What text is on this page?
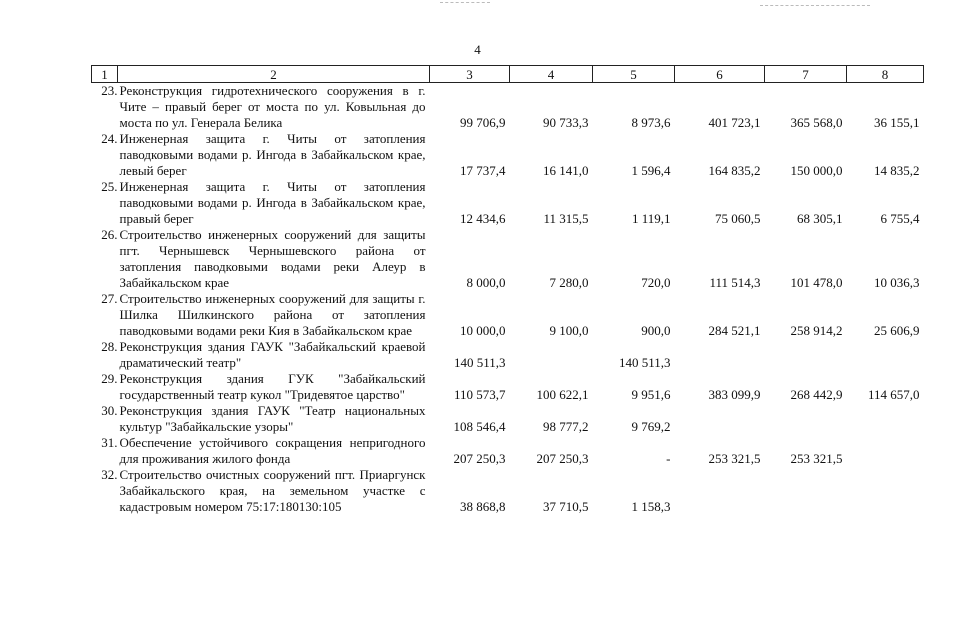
4
1	2	3	4	5	6	7	8
23.	Реконструкция гидротехнического сооружения в г. Чите – правый берег от моста по ул. Ковыльная до моста по ул. Генерала Белика	99 706,9	90 733,3	8 973,6	401 723,1	365 568,0	36 155,1
24.	Инженерная защита г. Читы от затопления паводковыми водами р. Ингода в Забайкальском крае, левый берег	17 737,4	16 141,0	1 596,4	164 835,2	150 000,0	14 835,2
25.	Инженерная защита г. Читы от затопления паводковыми водами р. Ингода в Забайкальском крае, правый берег	12 434,6	11 315,5	1 119,1	75 060,5	68 305,1	6 755,4
26.	Строительство инженерных сооружений для защиты пгт. Чернышевск Чернышевского района от затопления паводковыми водами реки Алеур в Забайкальском крае	8 000,0	7 280,0	720,0	111 514,3	101 478,0	10 036,3
27.	Строительство инженерных сооружений для защиты г. Шилка Шилкинского района от затопления паводковыми водами реки Кия в Забайкальском крае	10 000,0	9 100,0	900,0	284 521,1	258 914,2	25 606,9
28.	Реконструкция здания ГАУК "Забайкальский краевой драматический театр"	140 511,3		140 511,3			
29.	Реконструкция здания ГУК "Забайкальский государственный театр кукол "Тридевятое царство"	110 573,7	100 622,1	9 951,6	383 099,9	268 442,9	114 657,0
30.	Реконструкция здания ГАУК "Театр национальных культур "Забайкальские узоры"	108 546,4	98 777,2	9 769,2			
31.	Обеспечение устойчивого сокращения непригодного для проживания жилого фонда	207 250,3	207 250,3	-	253 321,5	253 321,5	
32.	Строительство очистных сооружений пгт. Приаргунск Забайкальского края, на земельном участке с кадастровым номером 75:17:180130:105	38 868,8	37 710,5	1 158,3			
